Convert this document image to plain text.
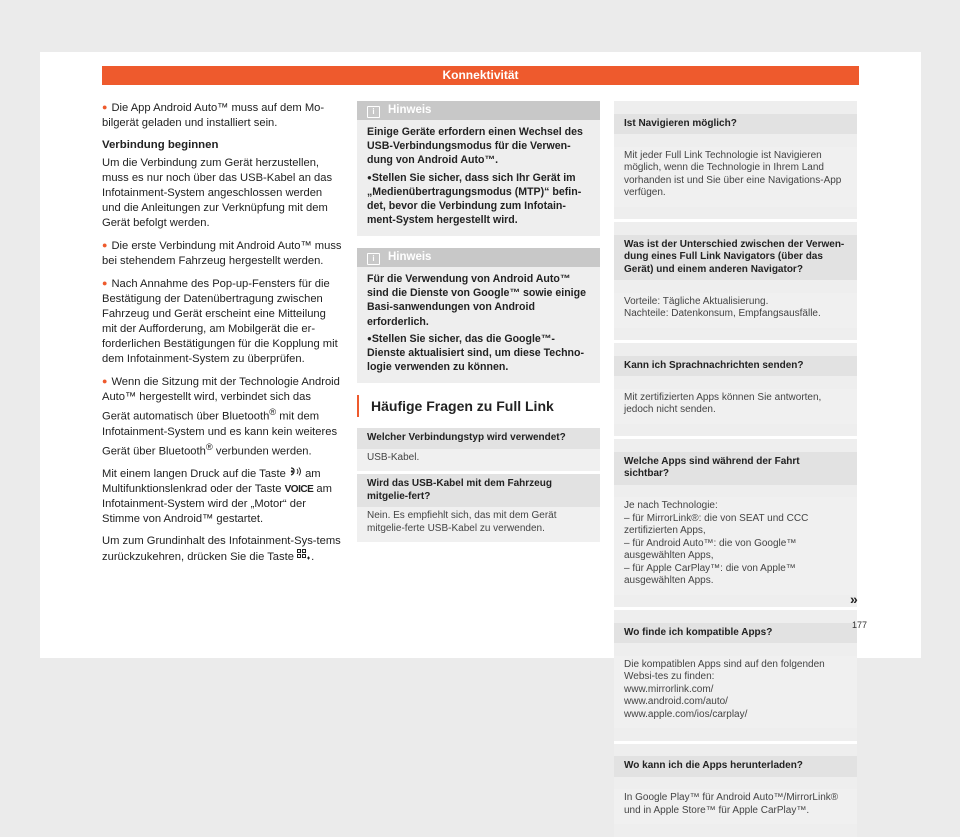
Konnektivität

● Die App Android Auto™ muss auf dem Mo-bilgerät geladen und installiert sein.

Verbindung beginnen

Um die Verbindung zum Gerät herzustellen, muss es nur noch über das USB-Kabel an das Infotainment-System angeschlossen werden und die Anleitungen zur Verknüpfung mit dem Gerät befolgt werden.

● Die erste Verbindung mit Android Auto™ muss bei stehendem Fahrzeug hergestellt werden.

● Nach Annahme des Pop-up-Fensters für die Bestätigung der Datenübertragung zwischen Fahrzeug und Gerät erscheint eine Mitteilung mit der Aufforderung, am Mobilgerät die er-forderlichen Bestätigungen für die Kopplung mit dem Infotainment-System zu überprüfen.

● Wenn die Sitzung mit der Technologie Android Auto™ hergestellt wird, verbindet sich das Gerät automatisch über Bluetooth® mit dem Infotainment-System und es kann kein weiteres Gerät über Bluetooth® verbunden werden.

Mit einem langen Druck auf die Taste  am Multifunktionslenkrad oder der Taste VOICE am Infotainment-System wird der „Motor“ der Stimme von Android™ gestartet.

Um zum Grundinhalt des Infotainment-Sys-tems zurückzukehren, drücken Sie die Taste .

i Hinweis

Einige Geräte erfordern einen Wechsel des USB-Verbindungsmodus für die Verwen-dung von Android Auto™.

● Stellen Sie sicher, dass sich Ihr Gerät im „Medienübertragungsmodus (MTP)“ befin-det, bevor die Verbindung zum Infotain-ment-System hergestellt wird.

i Hinweis

Für die Verwendung von Android Auto™ sind die Dienste von Google™ sowie einige Basi-sanwendungen von Android erforderlich.

● Stellen Sie sicher, das die Google™-Dienste aktualisiert sind, um diese Techno-logie verwenden zu können.

Häufige Fragen zu Full Link
Welcher Verbindungstyp wird verwendet?
USB-Kabel.
Wird das USB-Kabel mit dem Fahrzeug mitgelie-fert?
Nein. Es empfiehlt sich, das mit dem Gerät mitgelie-ferte USB-Kabel zu verwenden.

Ist Navigieren möglich?

Mit jeder Full Link Technologie ist Navigieren möglich, wenn die Technologie in Ihrem Land vorhanden ist und Sie über eine Navigations-App verfügen.

Was ist der Unterschied zwischen der Verwen-dung eines Full Link Navigators (über das Gerät) und einem anderen Navigator?

Vorteile: Tägliche Aktualisierung.
Nachteile: Datenkonsum, Empfangsausfälle.

Kann ich Sprachnachrichten senden?

Mit zertifizierten Apps können Sie antworten, jedoch nicht senden.

Welche Apps sind während der Fahrt sichtbar?

Je nach Technologie:
– für MirrorLink®: die von SEAT und CCC zertifizierten Apps,
– für Android Auto™: die von Google™ ausgewählten Apps,
– für Apple CarPlay™: die von Apple™ ausgewählten Apps.

Wo finde ich kompatible Apps?

Die kompatiblen Apps sind auf den folgenden Websi-tes zu finden:
www.mirrorlink.com/
www.android.com/auto/
www.apple.com/ios/carplay/

Wo kann ich die Apps herunterladen?

In Google Play™ für Android Auto™/MirrorLink® und in Apple Store™ für Apple CarPlay™.

»
177
